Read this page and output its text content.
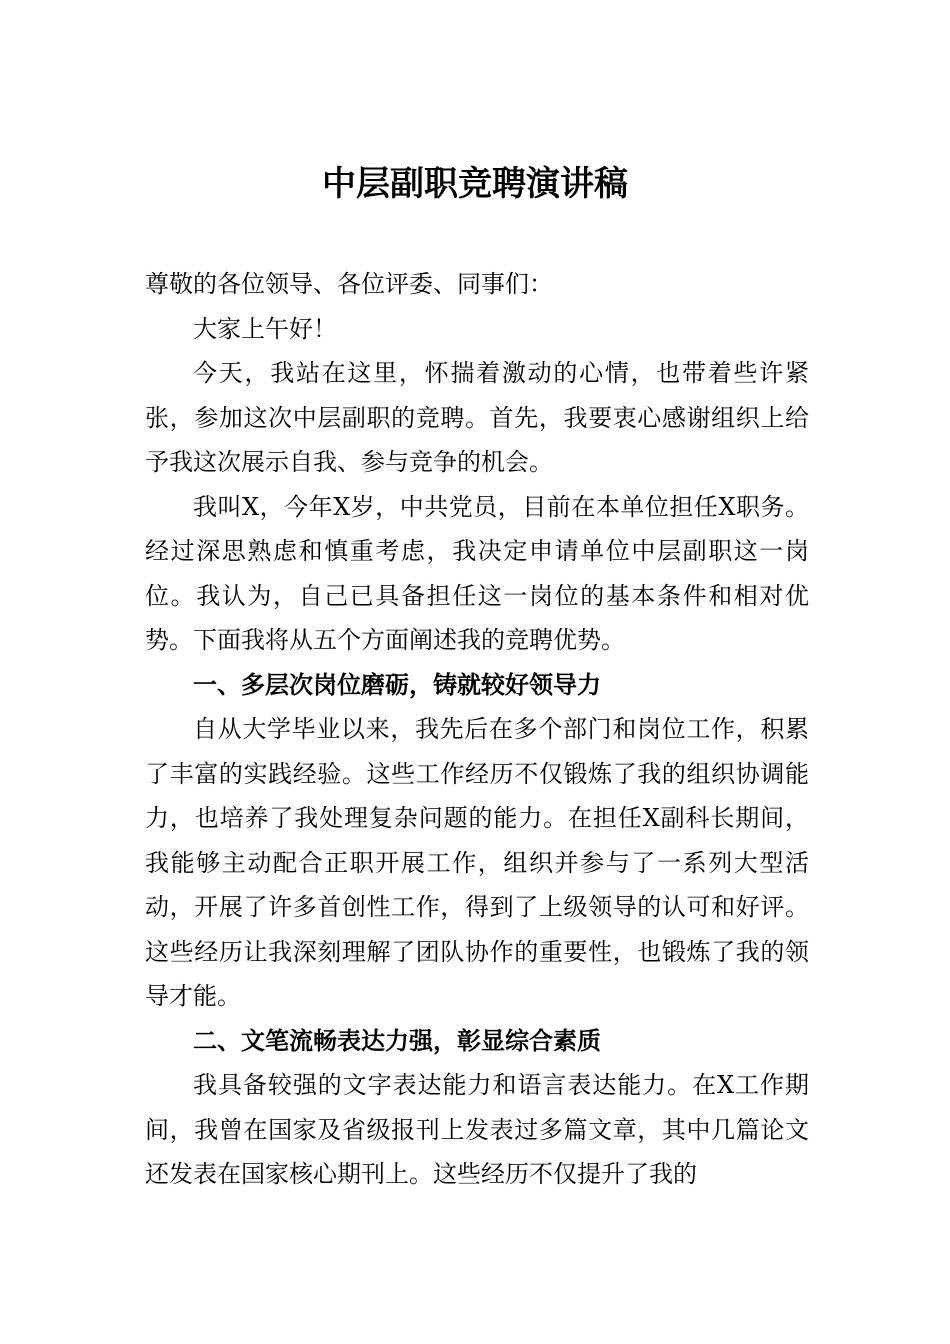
中层副职竞聘演讲稿

尊敬的各位领导、各位评委、同事们：

大家上午好！

今天，我站在这里，怀揣着激动的心情，也带着些许紧张，参加这次中层副职的竞聘。首先，我要衷心感谢组织上给予我这次展示自我、参与竞争的机会。

我叫X，今年X岁，中共党员，目前在本单位担任X职务。经过深思熟虑和慎重考虑，我决定申请单位中层副职这一岗位。我认为，自己已具备担任这一岗位的基本条件和相对优势。下面我将从五个方面阐述我的竞聘优势。

一、多层次岗位磨砺，铸就较好领导力

自从大学毕业以来，我先后在多个部门和岗位工作，积累了丰富的实践经验。这些工作经历不仅锻炼了我的组织协调能力，也培养了我处理复杂问题的能力。在担任X副科长期间，我能够主动配合正职开展工作，组织并参与了一系列大型活动，开展了许多首创性工作，得到了上级领导的认可和好评。这些经历让我深刻理解了团队协作的重要性，也锻炼了我的领导才能。

二、文笔流畅表达力强，彰显综合素质

我具备较强的文字表达能力和语言表达能力。在X工作期间，我曾在国家及省级报刊上发表过多篇文章，其中几篇论文还发表在国家核心期刊上。这些经历不仅提升了我的
